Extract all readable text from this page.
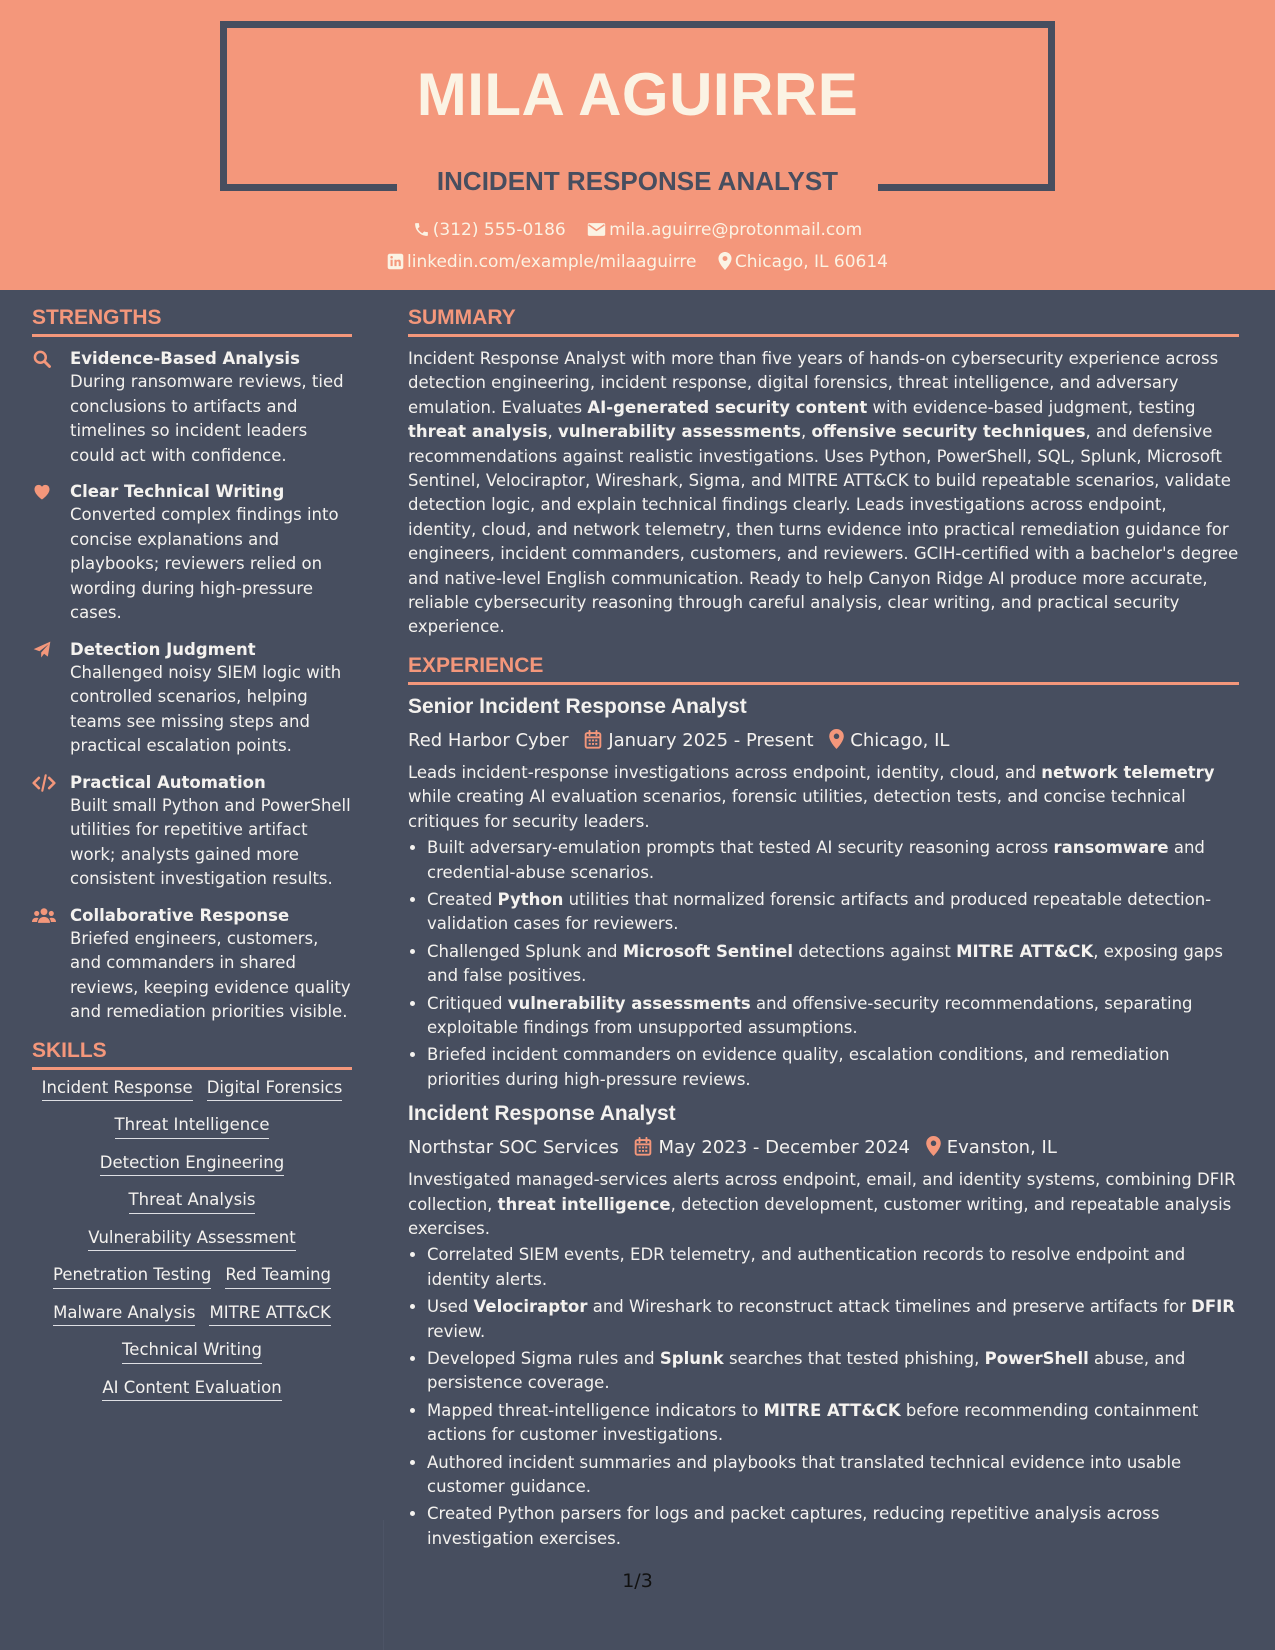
MILA AGUIRRE
INCIDENT RESPONSE ANALYST
(312) 555-0186	mila.aguirre@protonmail.com
linkedin.com/example/milaaguirre Chicago, IL 60614
STRENGTHS
Evidence-Based Analysis
During ransomware reviews, tied conclusions to artifacts and timelines so incident leaders could act with confidence.
Clear Technical Writing
Converted complex findings into concise explanations and playbooks; reviewers relied on wording during high-pressure cases.
Detection Judgment
Challenged noisy SIEM logic with controlled scenarios, helping teams see missing steps and practical escalation points.
Practical Automation
Built small Python and PowerShell utilities for repetitive artifact work; analysts gained more consistent investigation results.
Collaborative Response
Briefed engineers, customers, and commanders in shared reviews, keeping evidence quality and remediation priorities visible.
SKILLS
Incident Response Digital Forensics
Threat Intelligence
Detection Engineering
Threat Analysis
Vulnerability Assessment
Penetration Testing Red Teaming
Malware Analysis MITRE ATT&CK
Technical Writing
AI Content Evaluation
SUMMARY

Incident Response Analyst with more than five years of hands-on cybersecurity experience across detection engineering, incident response, digital forensics, threat intelligence, and adversary emulation. Evaluates AI-generated security content with evidence-based judgment, testing threat analysis, vulnerability assessments, offensive security techniques, and defensive recommendations against realistic investigations. Uses Python, PowerShell, SQL, Splunk, Microsoft Sentinel, Velociraptor, Wireshark, Sigma, and MITRE ATT&CK to build repeatable scenarios, validate detection logic, and explain technical findings clearly. Leads investigations across endpoint, identity, cloud, and network telemetry, then turns evidence into practical remediation guidance for engineers, incident commanders, customers, and reviewers. GCIH-certified with a bachelor's degree and native-level English communication. Ready to help Canyon Ridge AI produce more accurate, reliable cybersecurity reasoning through careful analysis, clear writing, and practical security experience.

EXPERIENCE
Senior Incident Response Analyst
Red Harbor Cyber January 2025 - Present Chicago, IL

Leads incident-response investigations across endpoint, identity, cloud, and network telemetry while creating AI evaluation scenarios, forensic utilities, detection tests, and concise technical critiques for security leaders.

• Built adversary-emulation prompts that tested AI security reasoning across ransomware and credential-abuse scenarios.
• Created Python utilities that normalized forensic artifacts and produced repeatable detection-validation cases for reviewers.
• Challenged Splunk and Microsoft Sentinel detections against MITRE ATT&CK, exposing gaps and false positives.
• Critiqued vulnerability assessments and offensive-security recommendations, separating exploitable findings from unsupported assumptions.
• Briefed incident commanders on evidence quality, escalation conditions, and remediation priorities during high-pressure reviews.
Incident Response Analyst
Northstar SOC Services May 2023 - December 2024 Evanston, IL

Investigated managed-services alerts across endpoint, email, and identity systems, combining DFIR collection, threat intelligence, detection development, customer writing, and repeatable analysis exercises.

• Correlated SIEM events, EDR telemetry, and authentication records to resolve endpoint and identity alerts.
• Used Velociraptor and Wireshark to reconstruct attack timelines and preserve artifacts for DFIR review.
• Developed Sigma rules and Splunk searches that tested phishing, PowerShell abuse, and persistence coverage.
• Mapped threat-intelligence indicators to MITRE ATT&CK before recommending containment actions for customer investigations.
• Authored incident summaries and playbooks that translated technical evidence into usable customer guidance.
• Created Python parsers for logs and packet captures, reducing repetitive analysis across investigation exercises.
1/3
